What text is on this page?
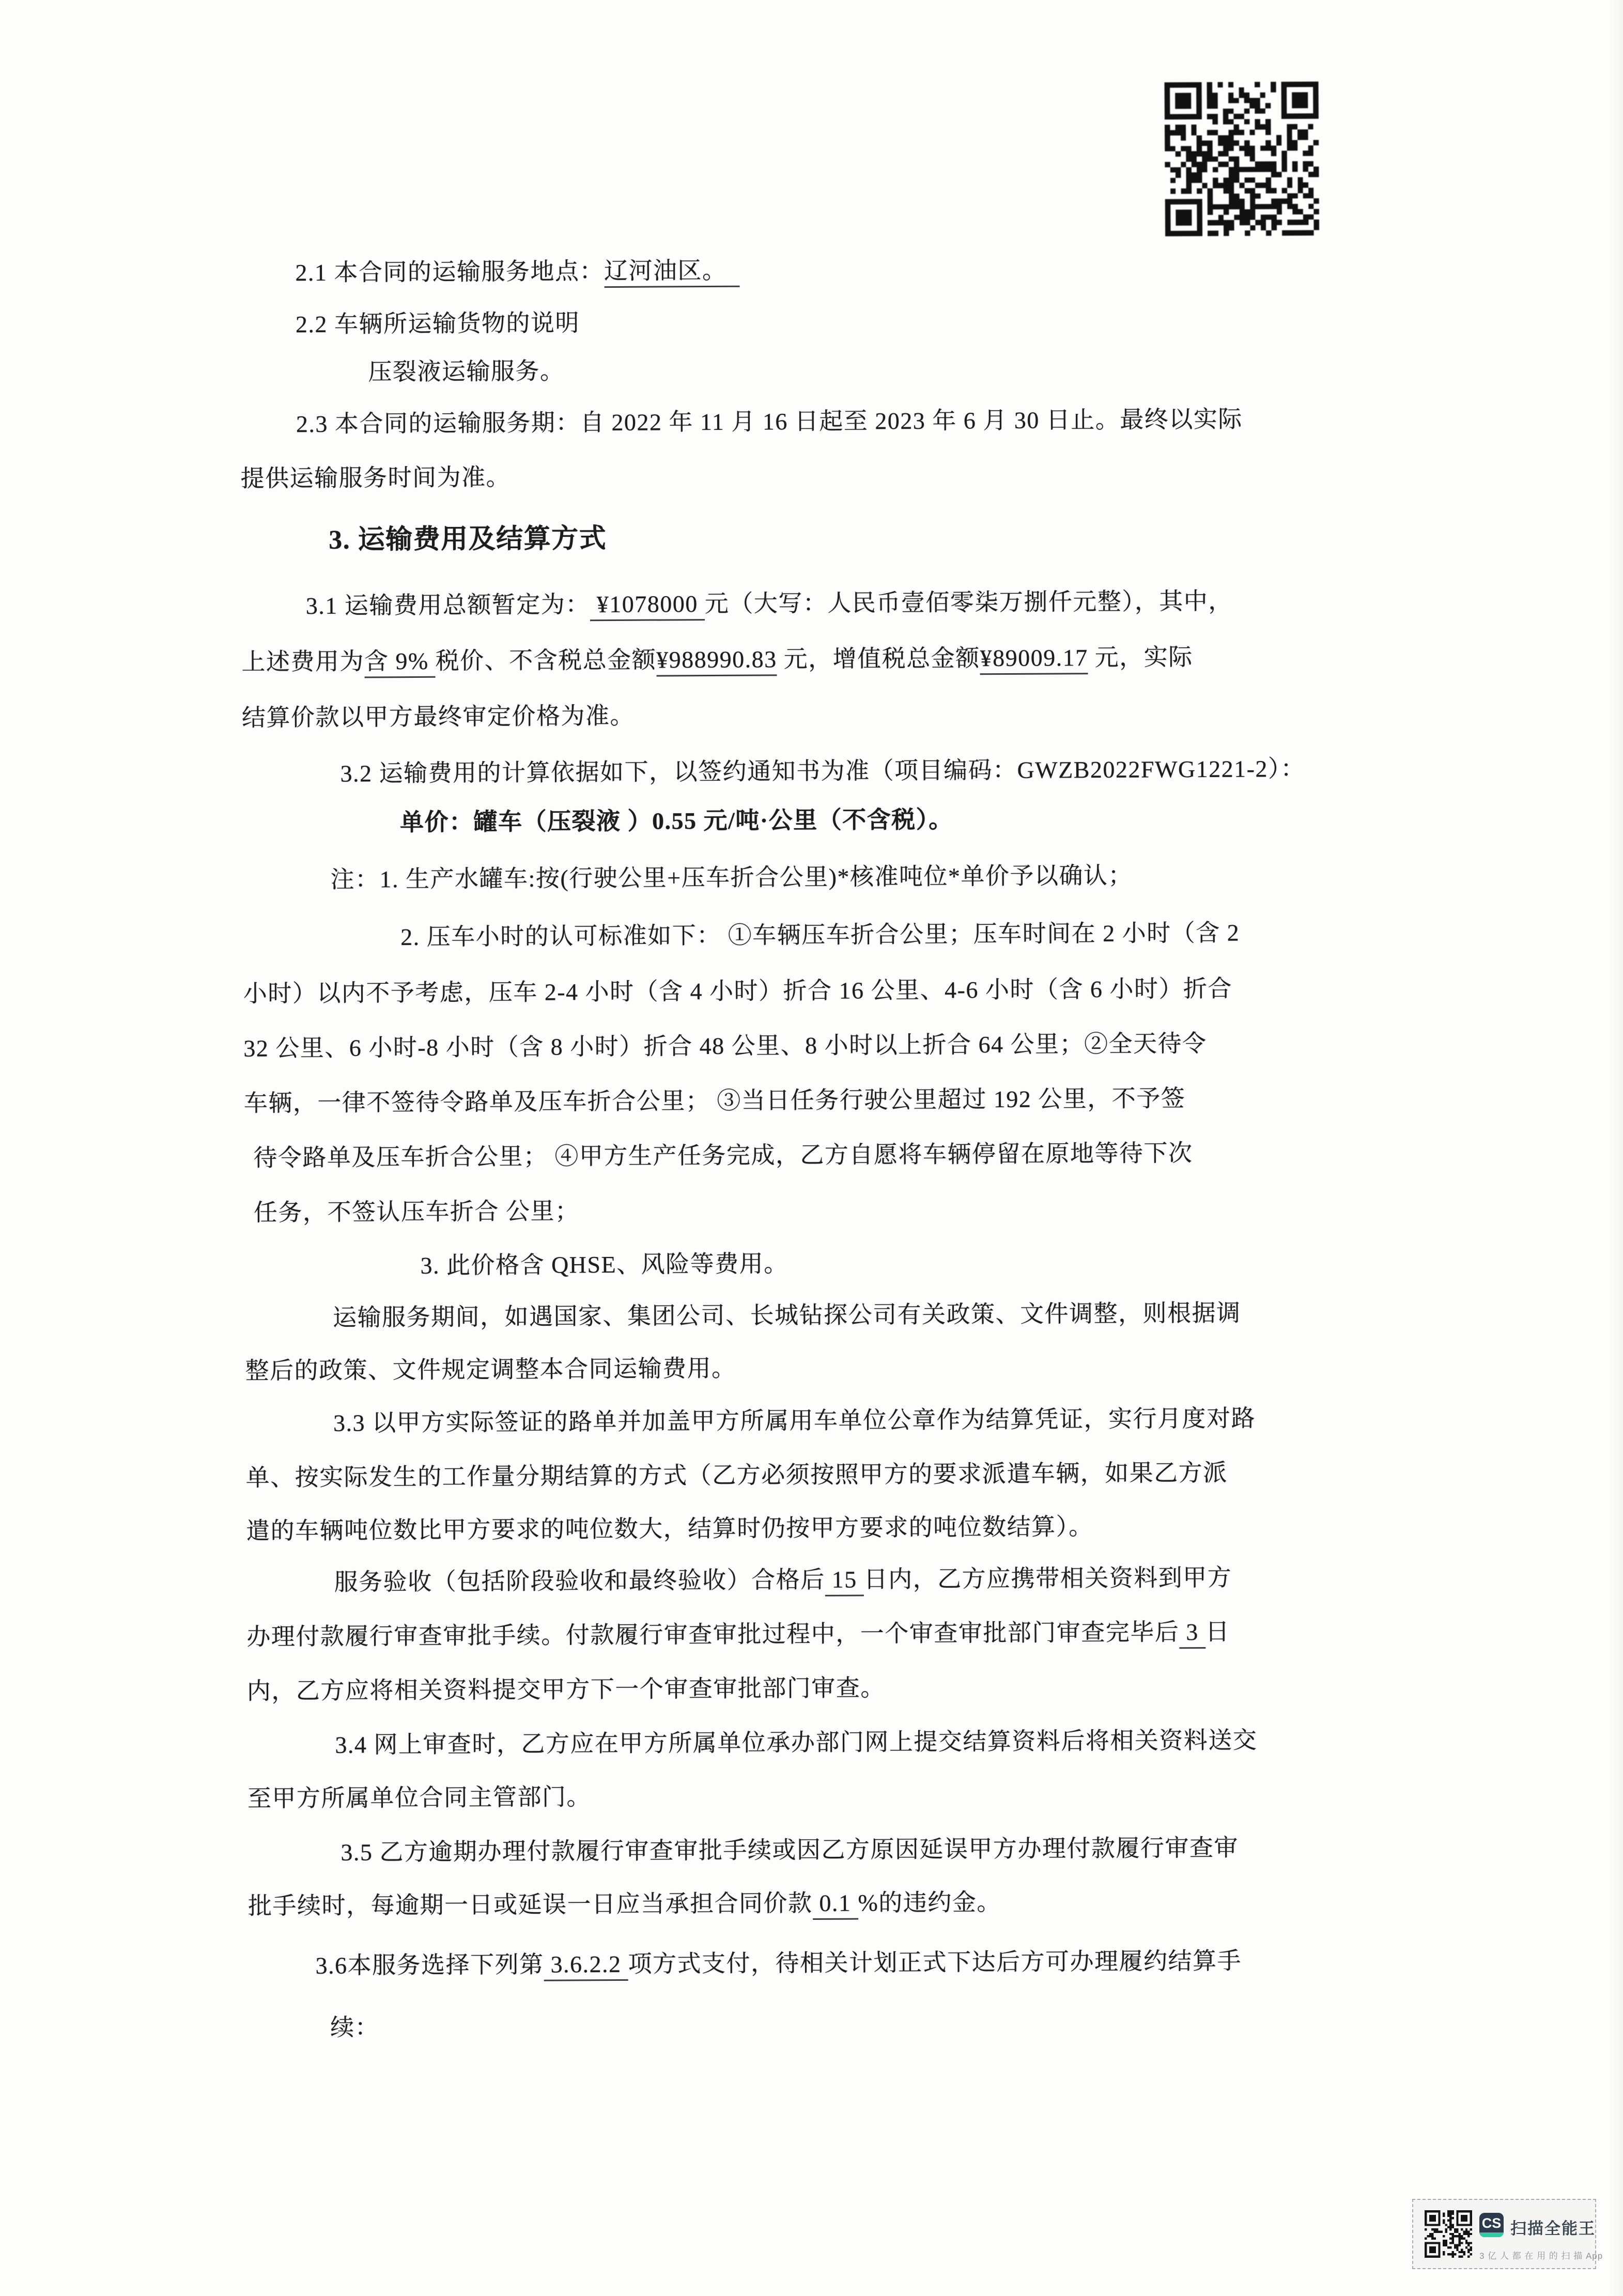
2.1 本合同的运输服务地点：辽河油区。　
2.2 车辆所运输货物的说明
压裂液运输服务。
2.3 本合同的运输服务期：自 2022 年 11 月 16 日起至 2023 年 6 月 30 日止。最终以实际
提供运输服务时间为准。
3. 运输费用及结算方式
3.1 运输费用总额暂定为： ¥1078000 元（大写：人民币壹佰零柒万捌仟元整），其中，
上述费用为含 9% 税价、不含税总金额¥988990.83 元，增值税总金额¥89009.17 元，实际
结算价款以甲方最终审定价格为准。
3.2 运输费用的计算依据如下，以签约通知书为准（项目编码：GWZB2022FWG1221-2）：
单价：罐车（压裂液 ）0.55 元/吨·公里（不含税）。
注：1. 生产水罐车:按(行驶公里+压车折合公里)*核准吨位*单价予以确认；
2. 压车小时的认可标准如下： ①车辆压车折合公里；压车时间在 2 小时（含 2
小时）以内不予考虑，压车 2-4 小时（含 4 小时）折合 16 公里、4-6 小时（含 6 小时）折合
32 公里、6 小时-8 小时（含 8 小时）折合 48 公里、8 小时以上折合 64 公里；②全天待令
车辆，一律不签待令路单及压车折合公里； ③当日任务行驶公里超过 192 公里，不予签
待令路单及压车折合公里； ④甲方生产任务完成，乙方自愿将车辆停留在原地等待下次
任务，不签认压车折合 公里；
3. 此价格含 QHSE、风险等费用。
运输服务期间，如遇国家、集团公司、长城钻探公司有关政策、文件调整，则根据调
整后的政策、文件规定调整本合同运输费用。
3.3 以甲方实际签证的路单并加盖甲方所属用车单位公章作为结算凭证，实行月度对路
单、按实际发生的工作量分期结算的方式（乙方必须按照甲方的要求派遣车辆，如果乙方派
遣的车辆吨位数比甲方要求的吨位数大，结算时仍按甲方要求的吨位数结算）。
服务验收（包括阶段验收和最终验收）合格后 15 日内，乙方应携带相关资料到甲方
办理付款履行审查审批手续。付款履行审查审批过程中，一个审查审批部门审查完毕后 3 日
内，乙方应将相关资料提交甲方下一个审查审批部门审查。
3.4 网上审查时，乙方应在甲方所属单位承办部门网上提交结算资料后将相关资料送交
至甲方所属单位合同主管部门。
3.5 乙方逾期办理付款履行审查审批手续或因乙方原因延误甲方办理付款履行审查审
批手续时，每逾期一日或延误一日应当承担合同价款 0.1 %的违约金。
3.6本服务选择下列第 3.6.2.2 项方式支付，待相关计划正式下达后方可办理履约结算手
续：
CS 扫描全能王
3 亿 人 都 在 用 的 扫 描 App
